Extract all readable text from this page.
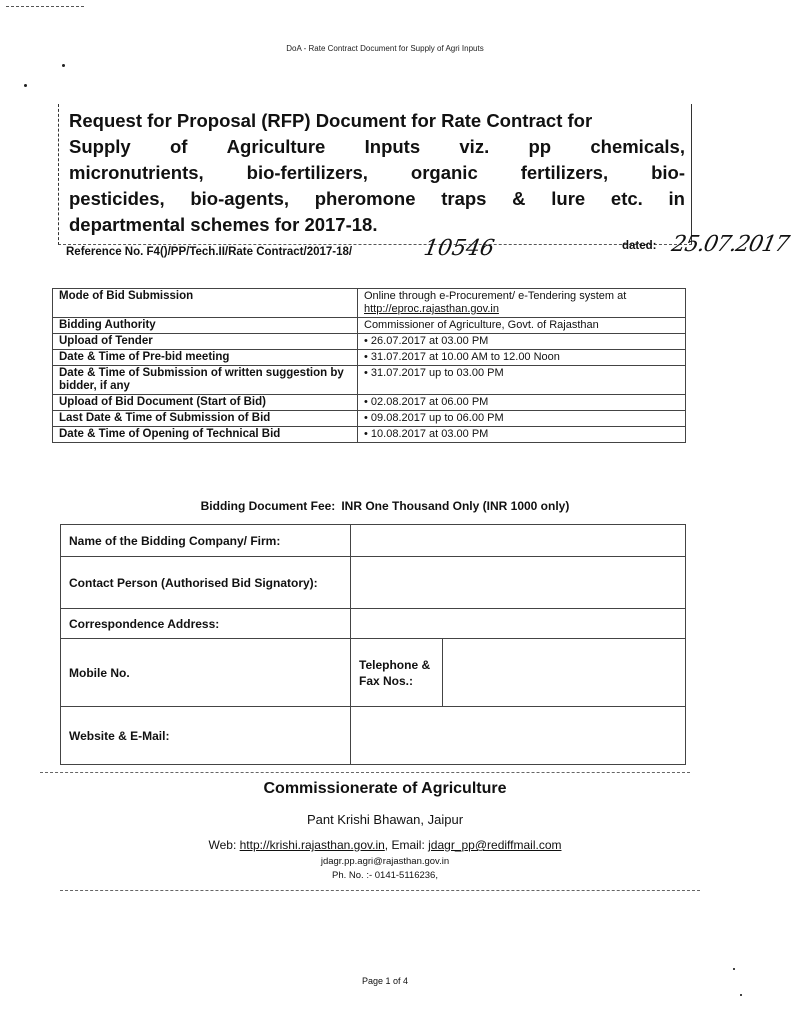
DoA - Rate Contract Document for Supply of Agri Inputs
Request for Proposal (RFP) Document for Rate Contract for
Supply of Agriculture Inputs viz. pp chemicals,
micronutrients, bio-fertilizers, organic fertilizers, bio-
pesticides, bio-agents, pheromone traps & lure etc. in
departmental schemes for 2017-18.
Reference No. F4()/PP/Tech.II/Rate Contract/2017-18/	10546	dated: 25.07.2017
Mode of Bid Submission	Online through e-Procurement/ e-Tendering system at http://eproc.rajasthan.gov.in
Bidding Authority	Commissioner of Agriculture, Govt. of Rajasthan
Upload of Tender	• 26.07.2017 at 03.00 PM
Date & Time of Pre-bid meeting	• 31.07.2017 at 10.00 AM to 12.00 Noon
Date & Time of Submission of written suggestion by bidder, if any	• 31.07.2017 up to 03.00 PM
Upload of Bid Document (Start of Bid)	• 02.08.2017 at 06.00 PM
Last Date & Time of Submission of Bid	• 09.08.2017 up to 06.00 PM
Date & Time of Opening of Technical Bid	• 10.08.2017 at 03.00 PM
Bidding Document Fee: INR One Thousand Only (INR 1000 only)
Name of the Bidding Company/ Firm:		
Contact Person (Authorised Bid Signatory):		
Correspondence Address:		
Mobile No.	Telephone & Fax Nos.:	
Website & E-Mail:		
Commissionerate of Agriculture
Pant Krishi Bhawan, Jaipur
Web: http://krishi.rajasthan.gov.in, Email: jdagr_pp@rediffmail.com
jdagr.pp.agri@rajasthan.gov.in
Ph. No. :- 0141-5116236,
Page 1 of 4
